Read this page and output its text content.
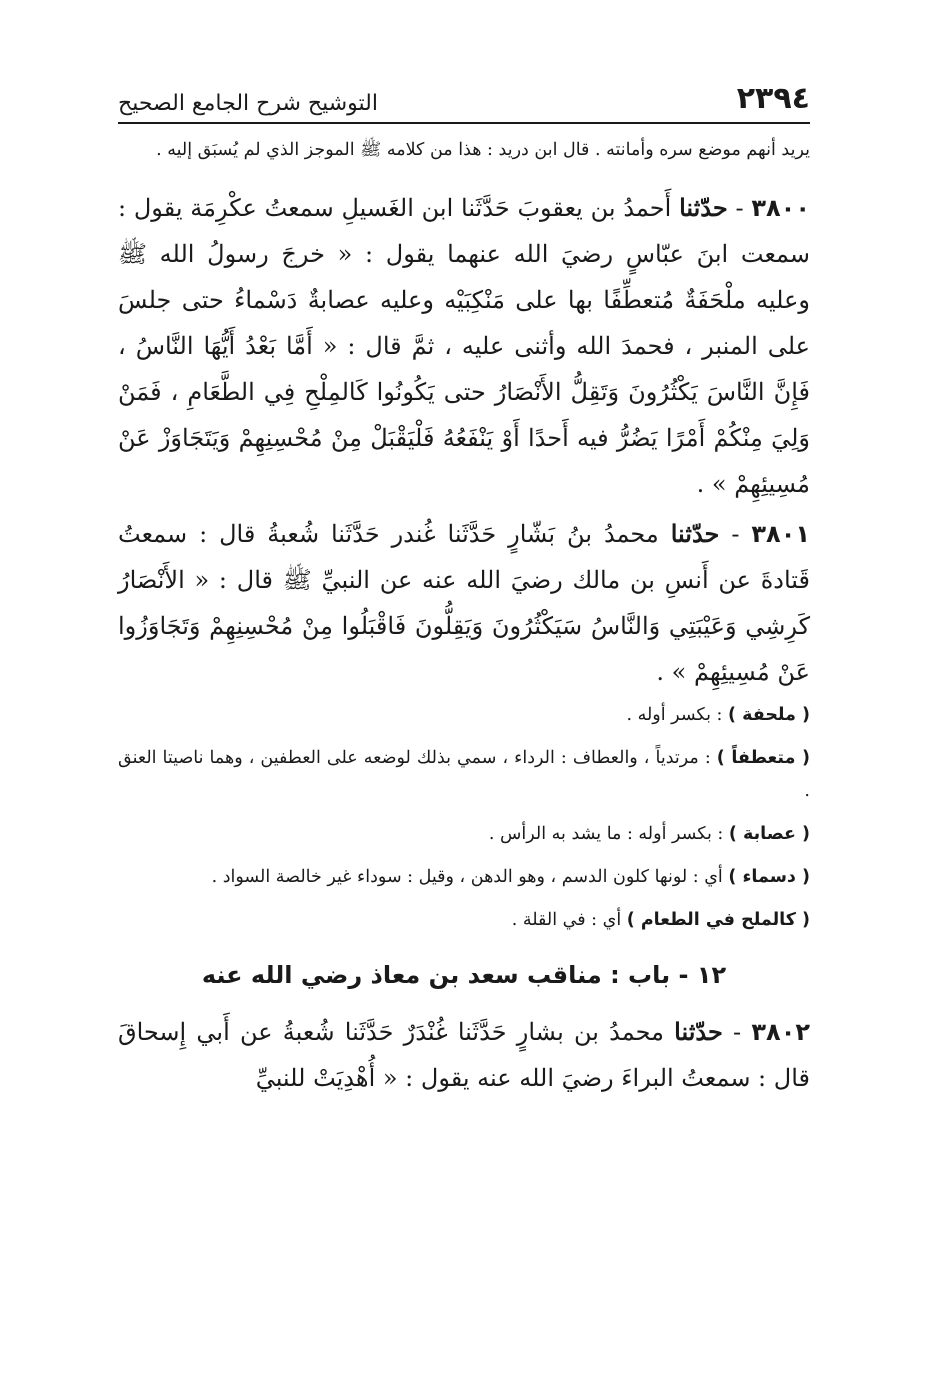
٢٣٩٤
التوشيح شرح الجامع الصحيح

يريد أنهم موضع سره وأمانته . قال ابن دريد : هذا من كلامه ﷺ الموجز الذي لم يُسبَق إليه .

٣٨٠٠ - حدّثنا أَحمدُ بن يعقوبَ حَدَّثَنا ابن الغَسيلِ سمعتُ عكْرِمَة يقول : سمعت ابنَ عبّاسٍ رضيَ الله عنهما يقول : « خرجَ رسولُ الله ﷺ وعليه ملْحَفَةٌ مُتعطِّفًا بها على مَنْكِبَيْه وعليه عصابةٌ دَسْماءُ حتى جلسَ على المنبر ، فحمدَ الله وأثنى عليه ، ثمَّ قال : « أَمَّا بَعْدُ أَيُّهَا النَّاسُ ، فَإِنَّ النَّاسَ يَكْثُرُونَ وَتَقِلُّ الأَنْصَارُ حتى يَكُونُوا كَالمِلْحِ فِي الطَّعَامِ ، فَمَنْ وَلِيَ مِنْكُمْ أَمْرًا يَضُرُّ فيه أَحدًا أَوْ يَنْفَعُهُ فَلْيَقْبَلْ مِنْ مُحْسِنِهِمْ وَيَتَجَاوَزْ عَنْ مُسِيئِهِمْ » .

٣٨٠١ - حدّثنا محمدُ بنُ بَشّارٍ حَدَّثَنا غُندر حَدَّثَنا شُعبةُ قال : سمعتُ قَتادةَ عن أَنسِ بن مالك رضيَ الله عنه عن النبيِّ ﷺ قال : « الأَنْصَارُ كَرِشِي وَعَيْبَتِي وَالنَّاسُ سَيَكْثُرُونَ وَيَقِلُّونَ فَاقْبَلُوا مِنْ مُحْسِنِهِمْ وَتَجَاوَزُوا عَنْ مُسِيئِهِمْ » .

( ملحفة ) : بكسر أوله .

( متعطفاً ) : مرتدياً ، والعطاف : الرداء ، سمي بذلك لوضعه على العطفين ، وهما ناصيتا العنق .

( عصابة ) : بكسر أوله : ما يشد به الرأس .

( دسماء ) أي : لونها كلون الدسم ، وهو الدهن ، وقيل : سوداء غير خالصة السواد .

( كالملح في الطعام ) أي : في القلة .

١٢ - باب : مناقب سعد بن معاذ رضي الله عنه

٣٨٠٢ - حدّثنا محمدُ بن بشارٍ حَدَّثَنا غُنْدَرٌ حَدَّثَنا شُعبةُ عن أَبي إِسحاقَ قال : سمعتُ البراءَ رضيَ الله عنه يقول : « أُهْدِيَتْ للنبيِّ
